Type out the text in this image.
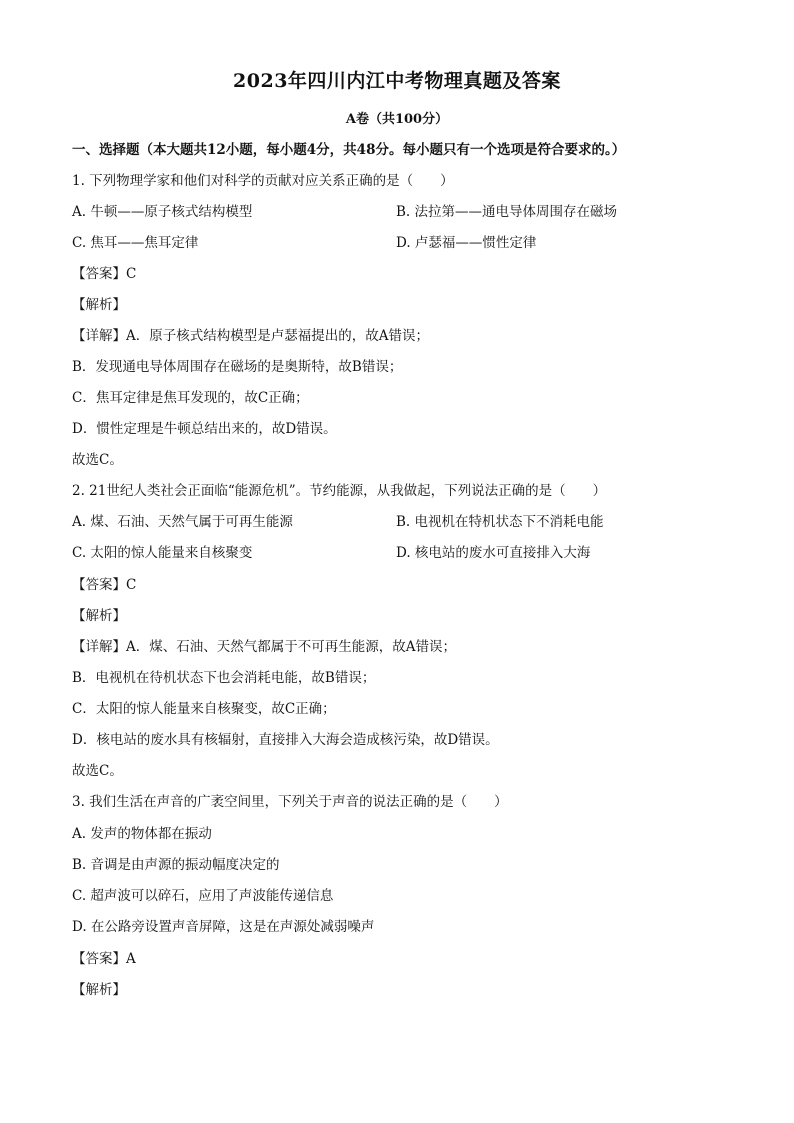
2023年四川内江中考物理真题及答案
A卷（共100分）
一、选择题（本大题共12小题，每小题4分，共48分。每小题只有一个选项是符合要求的。）
1. 下列物理学家和他们对科学的贡献对应关系正确的是（　　）
A. 牛顿——原子核式结构模型	B. 法拉第——通电导体周围存在磁场
C. 焦耳——焦耳定律	D. 卢瑟福——惯性定律
【答案】C
【解析】
【详解】A．原子核式结构模型是卢瑟福提出的，故A错误；
B．发现通电导体周围存在磁场的是奥斯特，故B错误；
C．焦耳定律是焦耳发现的，故C正确；
D．惯性定理是牛顿总结出来的，故D错误。
故选C。
2. 21世纪人类社会正面临“能源危机”。节约能源，从我做起，下列说法正确的是（　　）
A. 煤、石油、天然气属于可再生能源	B. 电视机在特机状态下不消耗电能
C. 太阳的惊人能量来自核聚变	D. 核电站的废水可直接排入大海
【答案】C
【解析】
【详解】A．煤、石油、天然气都属于不可再生能源，故A错误；
B．电视机在待机状态下也会消耗电能，故B错误；
C．太阳的惊人能量来自核聚变，故C正确；
D．核电站的废水具有核辐射，直接排入大海会造成核污染，故D错误。
故选C。
3. 我们生活在声音的广袤空间里，下列关于声音的说法正确的是（　　）
A. 发声的物体都在振动
B. 音调是由声源的振动幅度决定的
C. 超声波可以碎石，应用了声波能传递信息
D. 在公路旁设置声音屏障，这是在声源处减弱噪声
【答案】A
【解析】
